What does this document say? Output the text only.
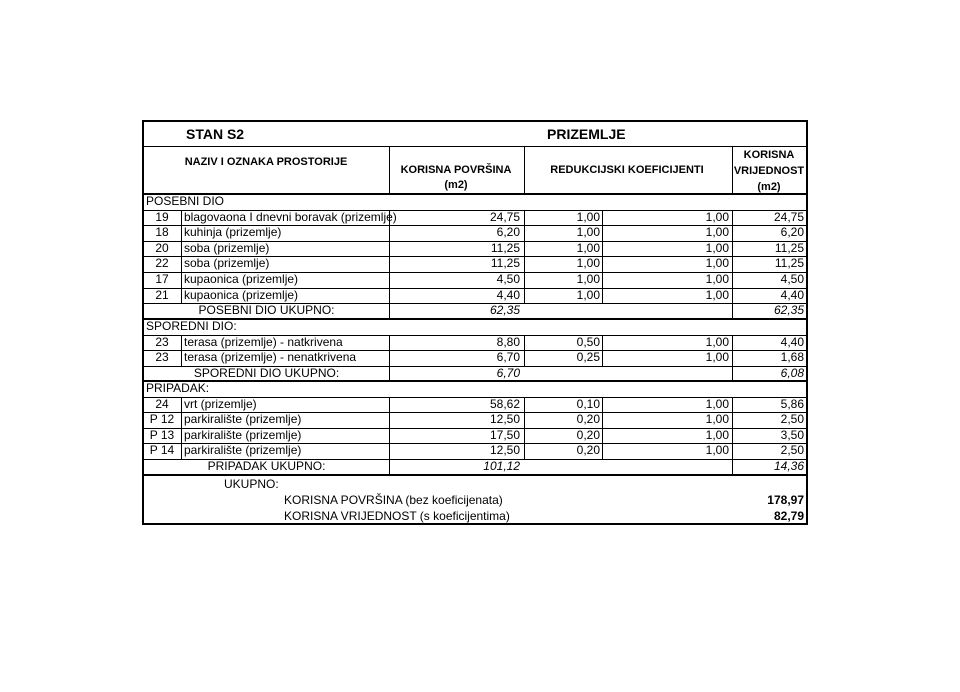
STAN S2	PRIZEMLJE
NAZIV I OZNAKA PROSTORIJE
KORISNA POVRŠINA (m2)
REDUKCIJSKI KOEFICIJENTI
KORISNA
VRIJEDNOST
(m2)
POSEBNI DIO
19	blagovaona I dnevni boravak (prizemlje)	24,75	1,00	1,00	24,75
18	kuhinja (prizemlje)	6,20	1,00	1,00	6,20
20	soba (prizemlje)	11,25	1,00	1,00	11,25
22	soba (prizemlje)	11,25	1,00	1,00	11,25
17	kupaonica (prizemlje)	4,50	1,00	1,00	4,50
21	kupaonica (prizemlje)	4,40	1,00	1,00	4,40
POSEBNI DIO UKUPNO:	62,35	62,35
SPOREDNI DIO:
23	terasa (prizemlje) - natkrivena	8,80	0,50	1,00	4,40
23	terasa (prizemlje) - nenatkrivena	6,70	0,25	1,00	1,68
SPOREDNI DIO UKUPNO:	6,70	6,08
PRIPADAK:
24	vrt (prizemlje)	58,62	0,10	1,00	5,86
P 12 parkiralište (prizemlje)	12,50	0,20	1,00	2,50
P 13 parkiralište (prizemlje)	17,50	0,20	1,00	3,50
P 14 parkiralište (prizemlje)	12,50	0,20	1,00	2,50
PRIPADAK UKUPNO:	101,12	14,36
UKUPNO:
KORISNA POVRŠINA (bez koeficijenata)	178,97
KORISNA VRIJEDNOST (s koeficijentima)	82,79
